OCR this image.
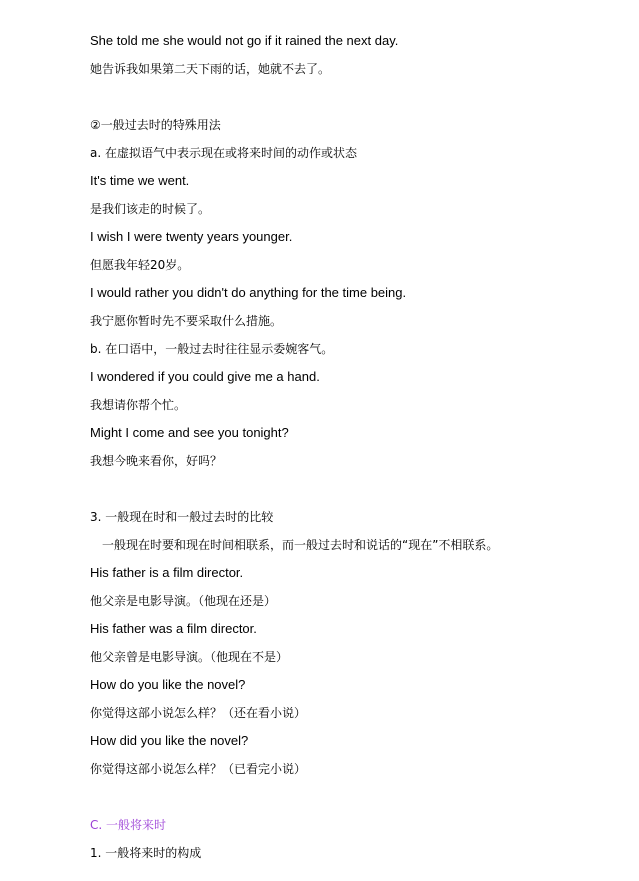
She told me she would not go if it rained the next day.
她告诉我如果第二天下雨的话，她就不去了。
②一般过去时的特殊用法
a. 在虚拟语气中表示现在或将来时间的动作或状态
It's time we went.
是我们该走的时候了。
I wish I were twenty years younger.
但愿我年轻20岁。
I would rather you didn't do anything for the time being.
我宁愿你暂时先不要采取什么措施。
b. 在口语中，一般过去时往往显示委婉客气。
I wondered if you could give me a hand.
我想请你帮个忙。
Might I come and see you tonight?
我想今晚来看你，好吗？
3. 一般现在时和一般过去时的比较
一般现在时要和现在时间相联系，而一般过去时和说话的“现在”不相联系。
His father is a film director.
他父亲是电影导演。（他现在还是）
His father was a film director.
他父亲曾是电影导演。（他现在不是）
How do you like the novel?
你觉得这部小说怎么样？（还在看小说）
How did you like the novel?
你觉得这部小说怎么样？（已看完小说）
C. 一般将来时
1. 一般将来时的构成
